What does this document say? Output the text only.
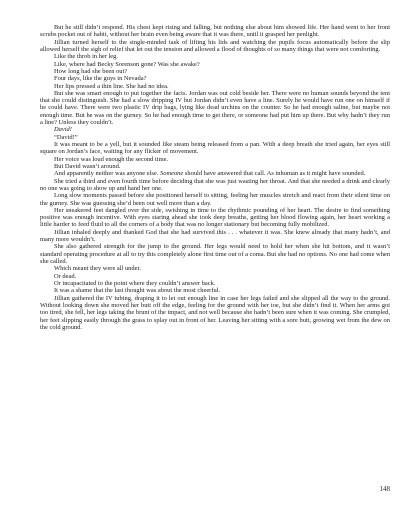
But he still didn’t respond. His chest kept rising and falling, but nothing else about him showed life. Her hand went to her front scrubs pocket out of habit, without her brain even being aware that it was there, until it grasped her penlight.

Jillian turned herself to the single-minded task of lifting his lids and watching the pupils focus automatically before the slip allowed herself the sigh of relief that let out the tension and allowed a flood of thoughts of so many things that were not comforting.

Like the throb in her leg.

Like, where had Becky Sorenson gone? Was she awake?

How long had she been out?

Four days, like the guys in Nevada?

Her lips pressed a thin line. She had no idea.

But she was smart enough to put together the facts. Jordan was out cold beside her. There were no human sounds beyond the tent that she could distinguish. She had a slow dripping IV but Jordan didn’t even have a line. Surely he would have run one on himself if he could have. There were two plastic IV drip bags, lying like dead urchins on the counter. So he had enough saline, but maybe not enough time. But he was on the gurney. So he had enough time to get there, or someone had put him up there. But why hadn’t they run a line? Unless they couldn’t.

David!

“David!”

It was meant to be a yell, but it sounded like steam being released from a pan. With a deep breath she tried again, her eyes still square on Jordan’s face, waiting for any flicker of movement.

Her voice was loud enough the second time.

But David wasn’t around.

And apparently neither was anyone else. Someone should have answered that call. As inhuman as it might have sounded.

She tried a third and even fourth time before deciding that she was just wasting her throat. And that she needed a drink and clearly no one was going to show up and hand her one.

Long slow moments passed before she positioned herself to sitting, feeling her muscles stretch and react from their silent time on the gurney. She was guessing she’d been out well more than a day.

Her sneakered feet dangled over the side, swishing in time to the rhythmic pounding of her heart. The desire to find something positive was enough incentive. With eyes staring ahead she took deep breaths, getting her blood flowing again, her heart working a little harder to feed fluid to all the corners of a body that was no longer stationary but becoming fully mobilized.

Jillian inhaled deeply and thanked God that she had survived this . . . whatever it was. She knew already that many hadn’t, and many more wouldn’t.

She also gathered strength for the jump to the ground. Her legs would need to hold her when she hit bottom, and it wasn’t standard operating procedure at all to try this completely alone first time out of a coma. But she had no options. No one had come when she called.

Which meant they were all under.

Or dead.

Or incapacitated to the point where they couldn’t answer back.

It was a shame that the last thought was about the most cheerful.

Jillian gathered the IV tubing, draping it to let out enough line in case her legs failed and she slipped all the way to the ground. Without looking down she moved her butt off the edge, feeling for the ground with her toe, but she didn’t find it. When her arms got too tired, she fell, her legs taking the brunt of the impact, and not well because she hadn’t been sure when it was coming. She crumpled, her feet slipping easily through the grass to splay out in front of her. Leaving her sitting with a sore butt, growing wet from the dew on the cold ground.

148
